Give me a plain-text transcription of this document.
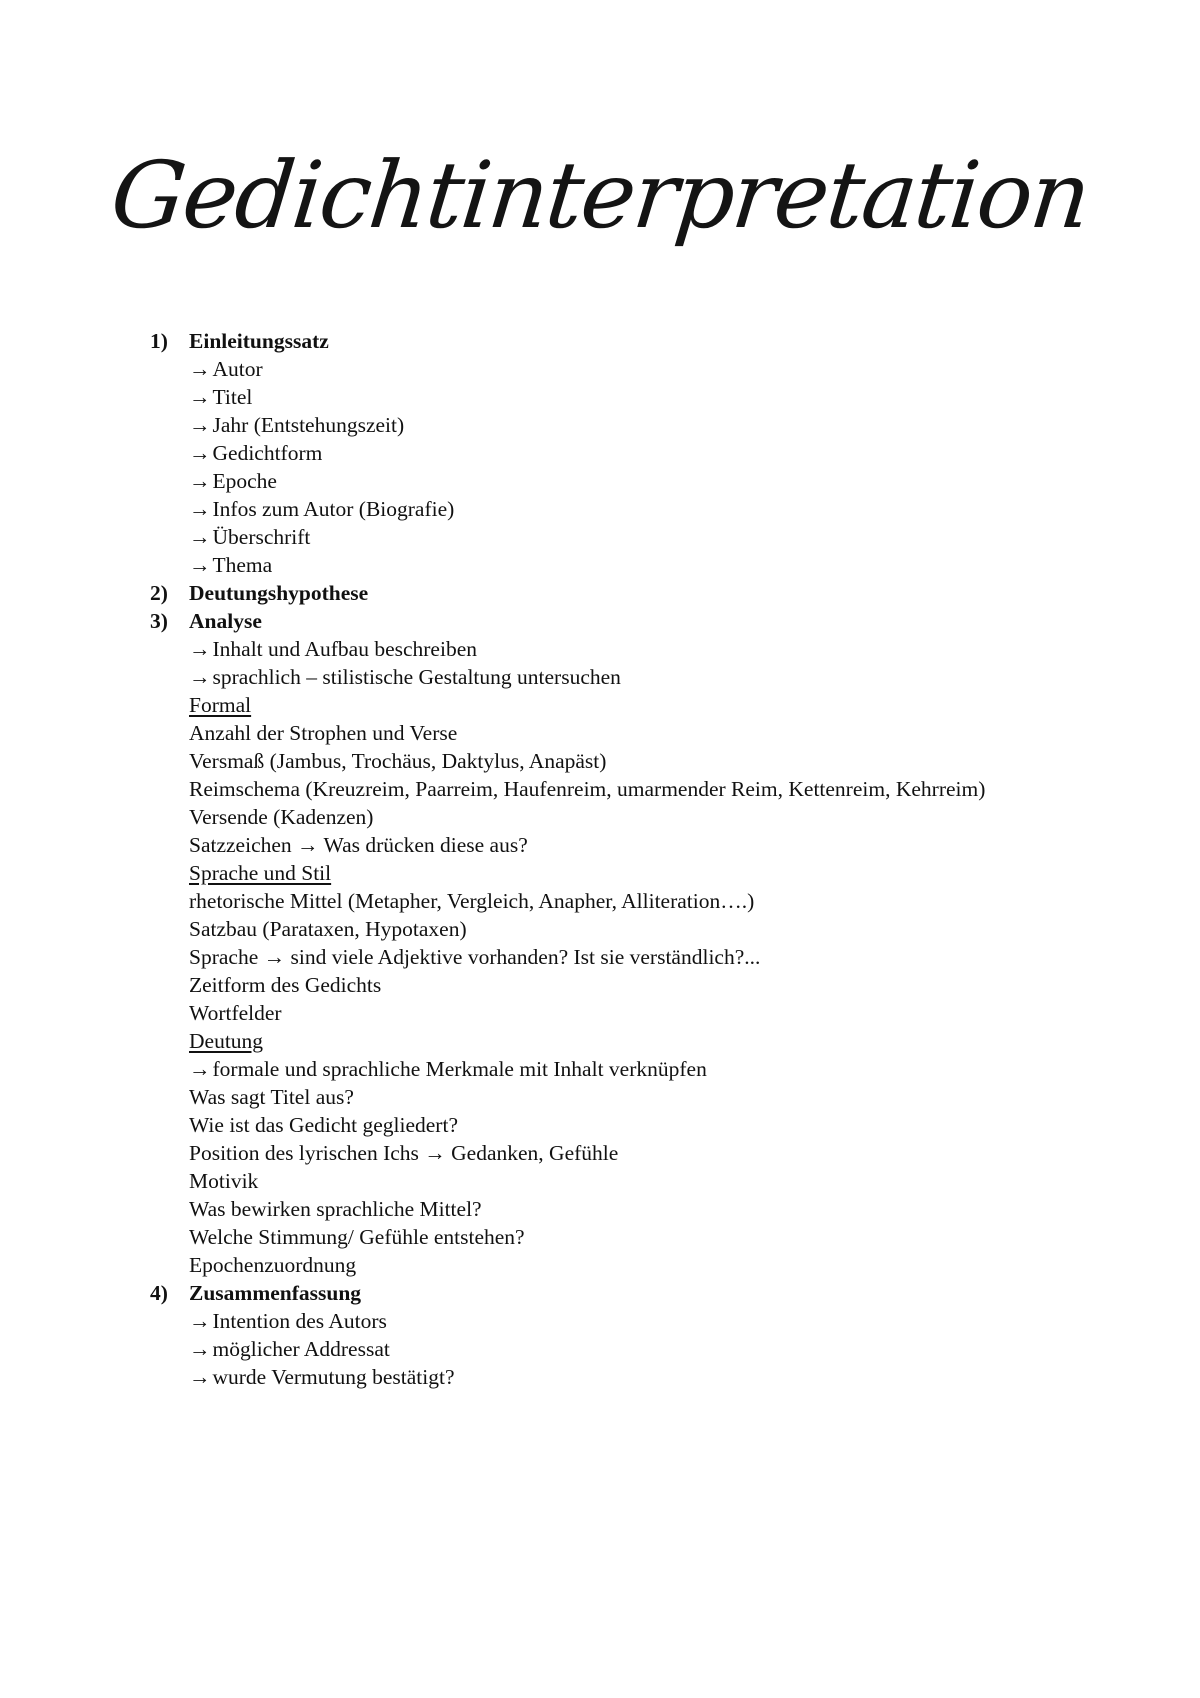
Gedichtinterpretation
1) Einleitungssatz
→Autor
→Titel
→Jahr (Entstehungszeit)
→Gedichtform
→Epoche
→Infos zum Autor (Biografie)
→Überschrift
→Thema
2) Deutungshypothese
3) Analyse
→Inhalt und Aufbau beschreiben
→sprachlich – stilistische Gestaltung untersuchen
Formal
Anzahl der Strophen und Verse
Versmaß (Jambus, Trochäus, Daktylus, Anapäst)
Reimschema (Kreuzreim, Paarreim, Haufenreim, umarmender Reim, Kettenreim, Kehrreim)
Versende (Kadenzen)
Satzzeichen → Was drücken diese aus?
Sprache und Stil
rhetorische Mittel (Metapher, Vergleich, Anapher, Alliteration….)
Satzbau (Parataxen, Hypotaxen)
Sprache → sind viele Adjektive vorhanden? Ist sie verständlich?...
Zeitform des Gedichts
Wortfelder
Deutung
→formale und sprachliche Merkmale mit Inhalt verknüpfen
Was sagt Titel aus?
Wie ist das Gedicht gegliedert?
Position des lyrischen Ichs → Gedanken, Gefühle
Motivik
Was bewirken sprachliche Mittel?
Welche Stimmung/ Gefühle entstehen?
Epochenzuordnung
4) Zusammenfassung
→Intention des Autors
→möglicher Addressat
→wurde Vermutung bestätigt?
